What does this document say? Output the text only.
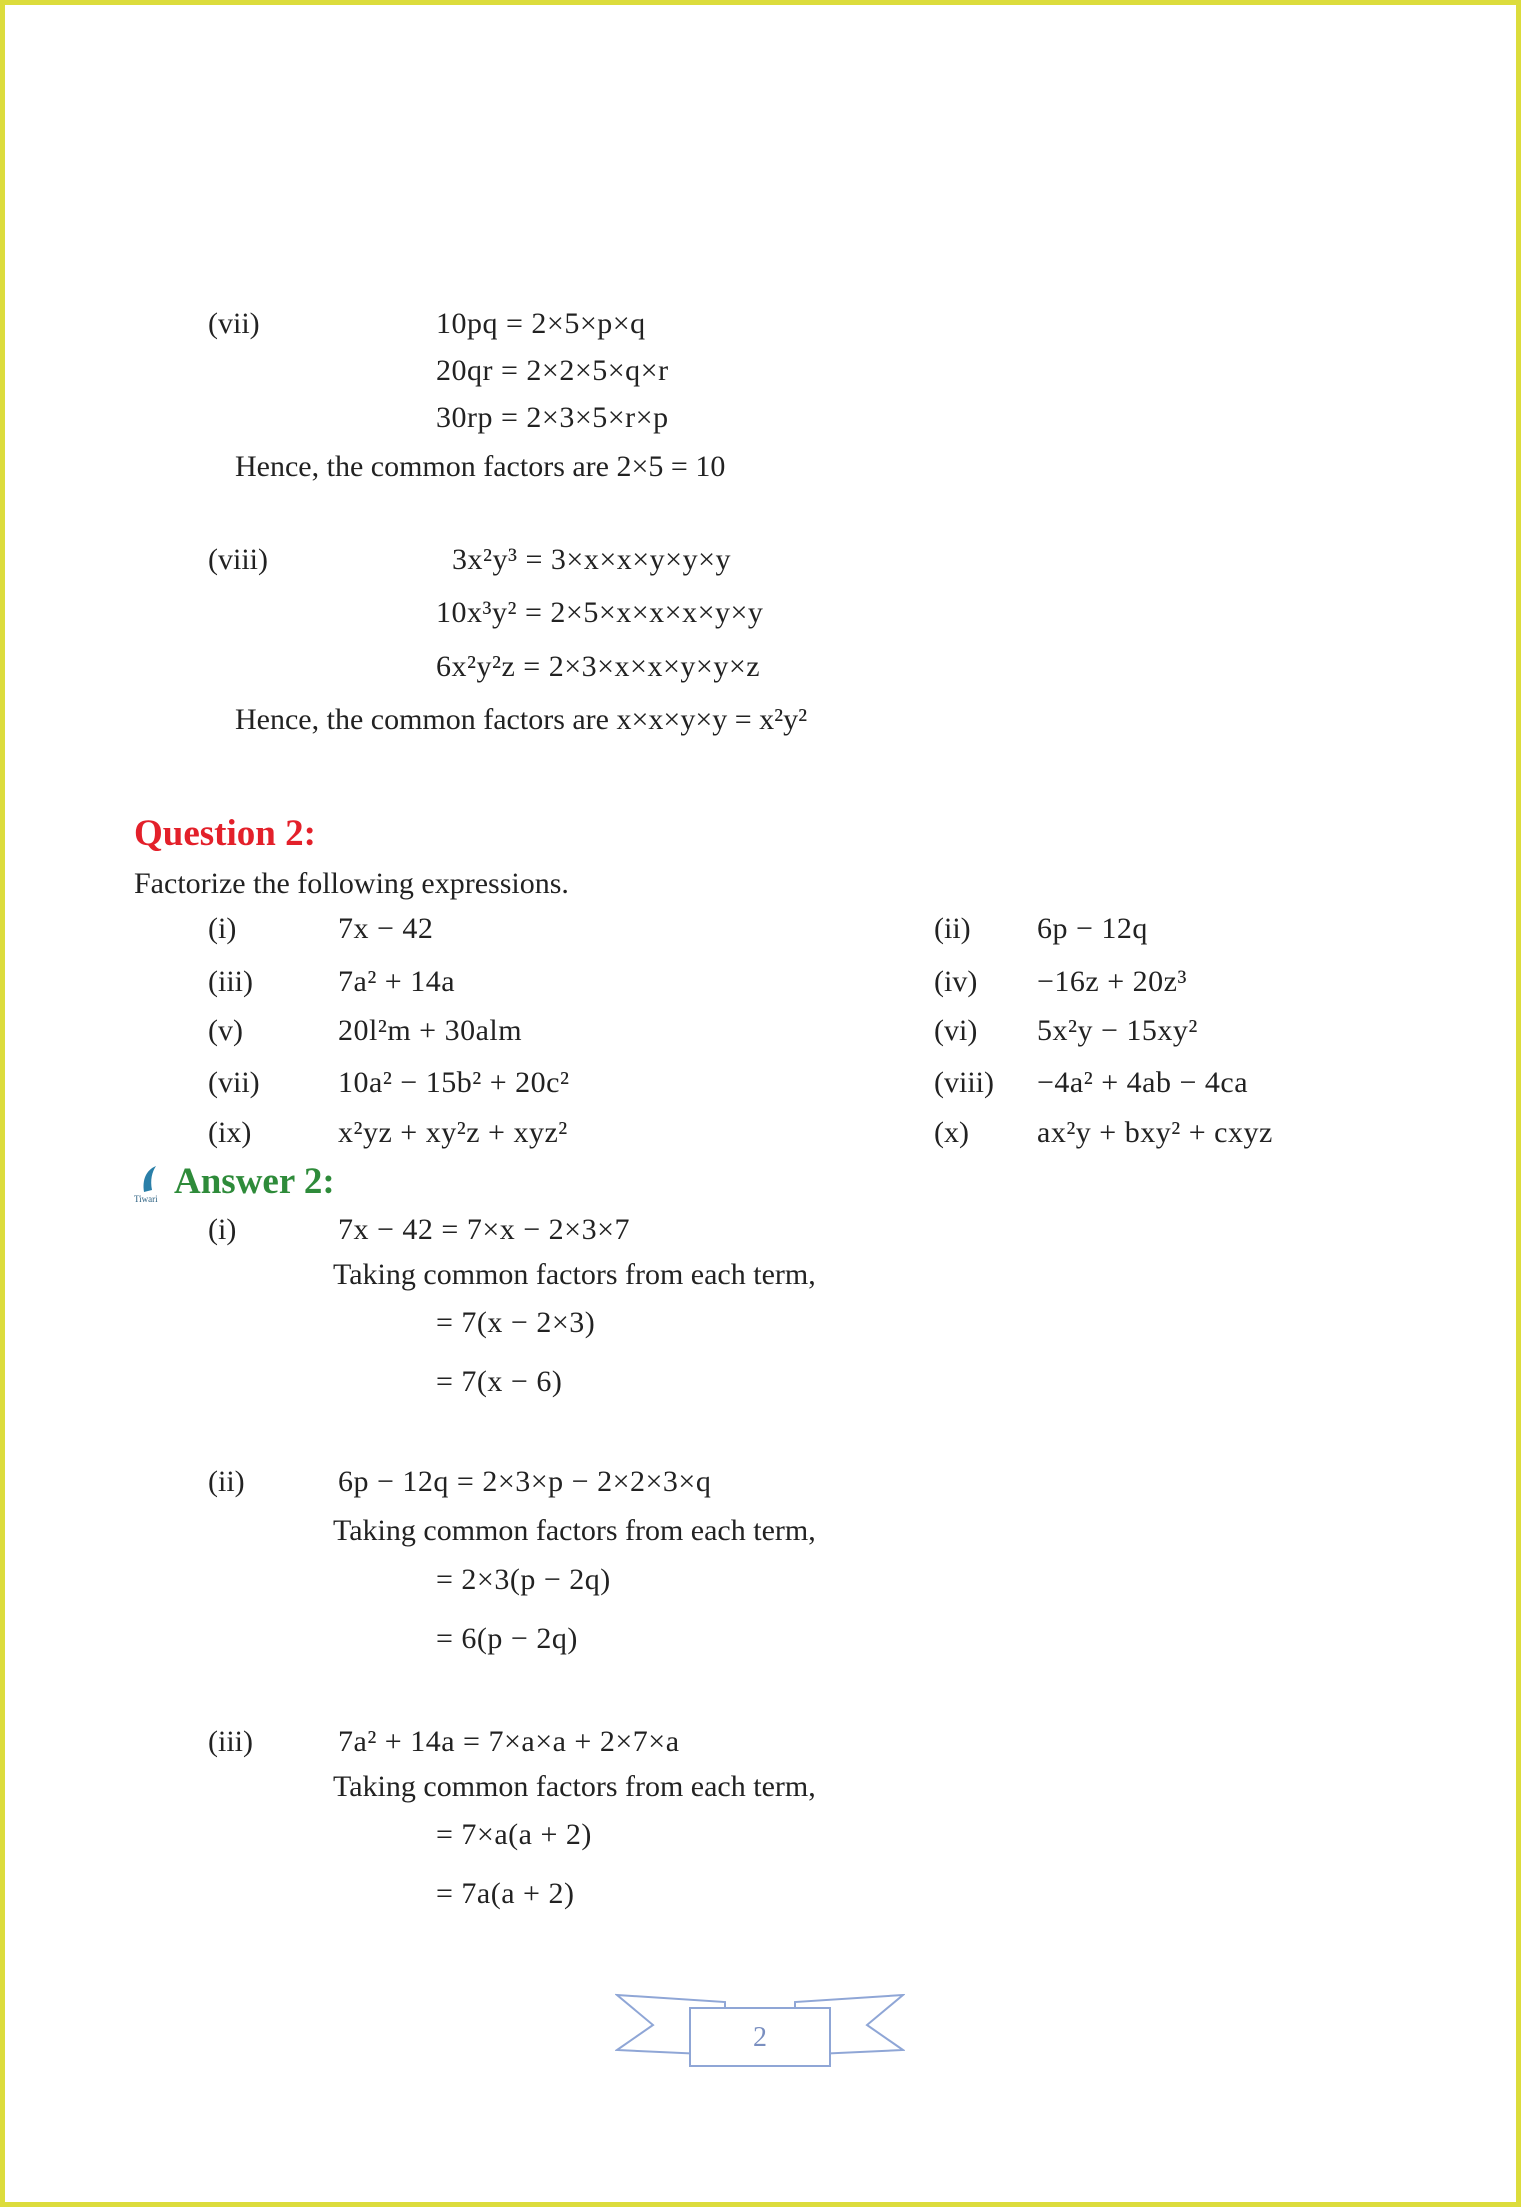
(vii)	10pq = 2×5×p×q
20qr = 2×2×5×q×r
30rp = 2×3×5×r×p
Hence, the common factors are 2×5 = 10
(viii)	3x²y³ = 3×x×x×y×y×y
10x³y² = 2×5×x×x×x×y×y
6x²y²z = 2×3×x×x×y×y×z
Hence, the common factors are x×x×y×y = x²y²
Question 2:
Factorize the following expressions.
(i)	7x − 42	(ii) 6p − 12q
(iii)	7a² + 14a	(iv) −16z + 20z³
(v)	20l²m + 30alm	(vi) 5x²y − 15xy²
(vii)	10a² − 15b² + 20c²	(viii) −4a² + 4ab − 4ca
(ix)	x²yz + xy²z + xyz²	(x) ax²y + bxy² + cxyz
Tiwari Answer 2:
(i)	7x − 42 = 7×x − 2×3×7
Taking common factors from each term,
= 7(x − 2×3)
= 7(x − 6)
(ii)	6p − 12q = 2×3×p − 2×2×3×q
Taking common factors from each term,
= 2×3(p − 2q)
= 6(p − 2q)
(iii)	7a² + 14a = 7×a×a + 2×7×a
Taking common factors from each term,
= 7×a(a + 2)
= 7a(a + 2)
2
